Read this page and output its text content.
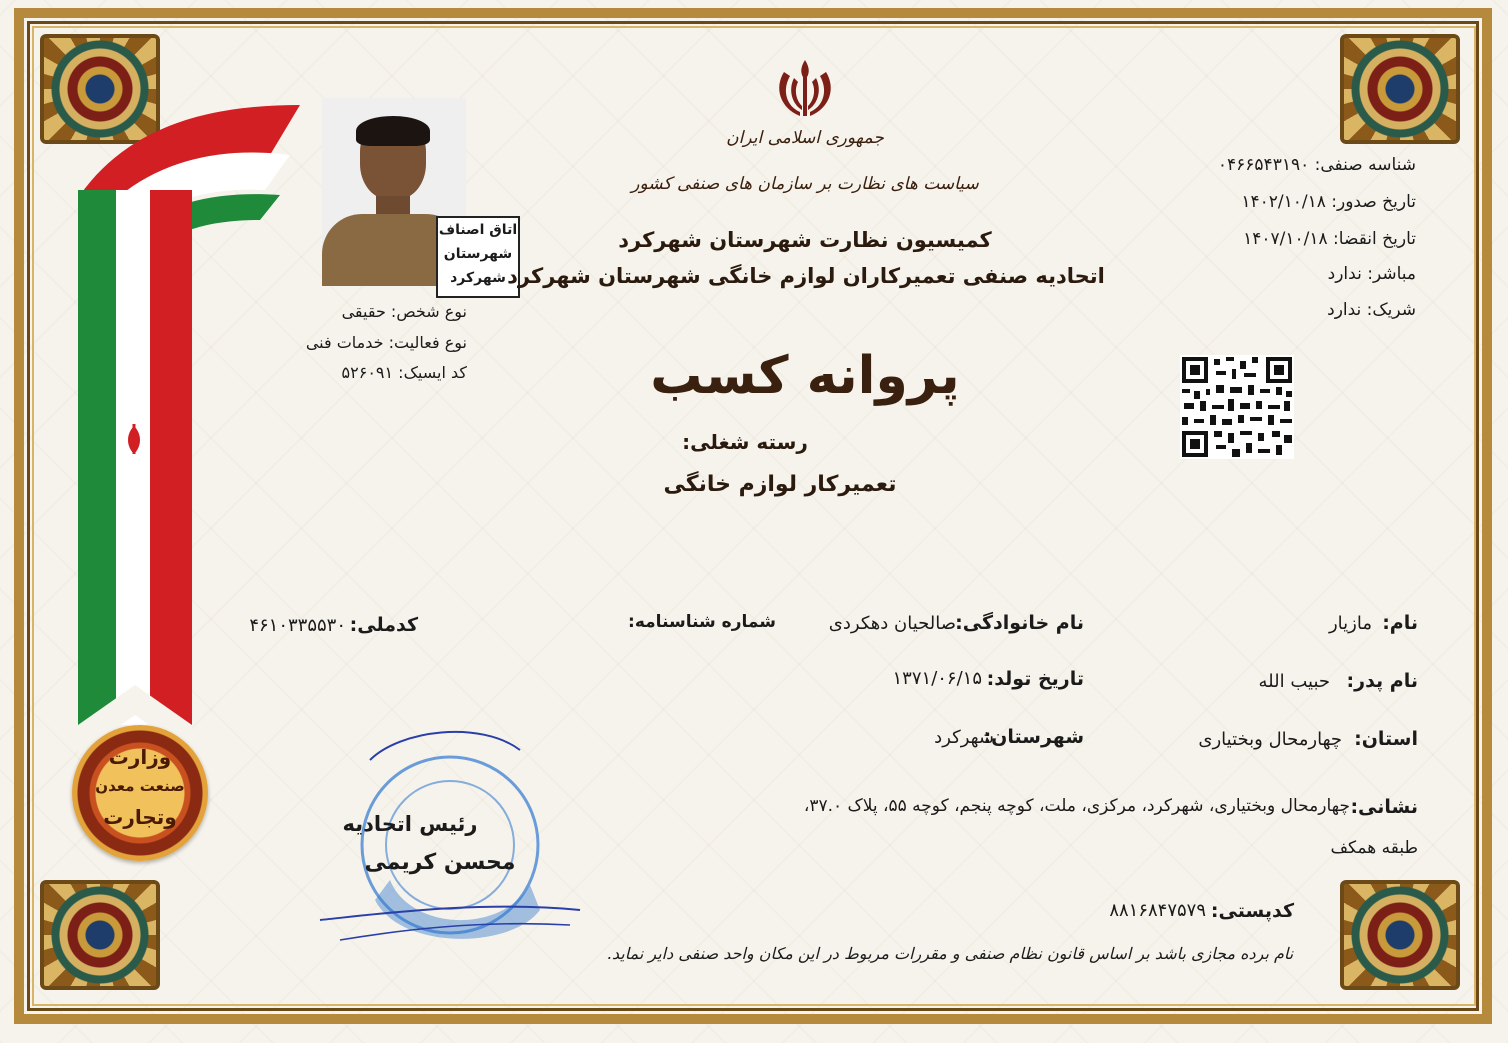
وزارت
صنعت معدن
وتجارت
اتاق اصناف
شهرستان
شهرکرد
نوع شخص: حقیقی
نوع فعالیت: خدمات فنی
کد ایسیک: ۵۲۶۰۹۱
جمهوری اسلامی ایران
سیاست های نظارت بر سازمان های صنفی کشور
کمیسیون نظارت شهرستان شهرکرد
اتحادیه صنفی تعمیرکاران لوازم خانگی شهرستان شهرکرد
پروانه کسب
رسته شغلی:
تعمیرکار لوازم خانگی
شناسه صنفی: ۰۴۶۶۵۴۳۱۹۰
تاریخ صدور: ۱۴۰۲/۱۰/۱۸
تاریخ انقضا: ۱۴۰۷/۱۰/۱۸
مباشر: ندارد
شریک: ندارد
نام:
مازیار
نام خانوادگی:
صالحیان دهکردی
شماره شناسنامه:
کدملی:
۴۶۱۰۳۳۵۵۳۰
نام پدر:
حبیب الله
تاریخ تولد:
۱۳۷۱/۰۶/۱۵
استان:
چهارمحال وبختیاری
شهرستان:
شهرکرد
نشانی:
چهارمحال وبختیاری، شهرکرد، مرکزی، ملت، کوچه پنجم، کوچه ۵۵، پلاک ۳۷.۰،
طبقه همکف
کدپستی:
۸۸۱۶۸۴۷۵۷۹
رئیس اتحادیه
محسن کریمی
نام برده مجازی باشد بر اساس قانون نظام صنفی و مقررات مربوط در این مکان واحد صنفی دایر نماید.
